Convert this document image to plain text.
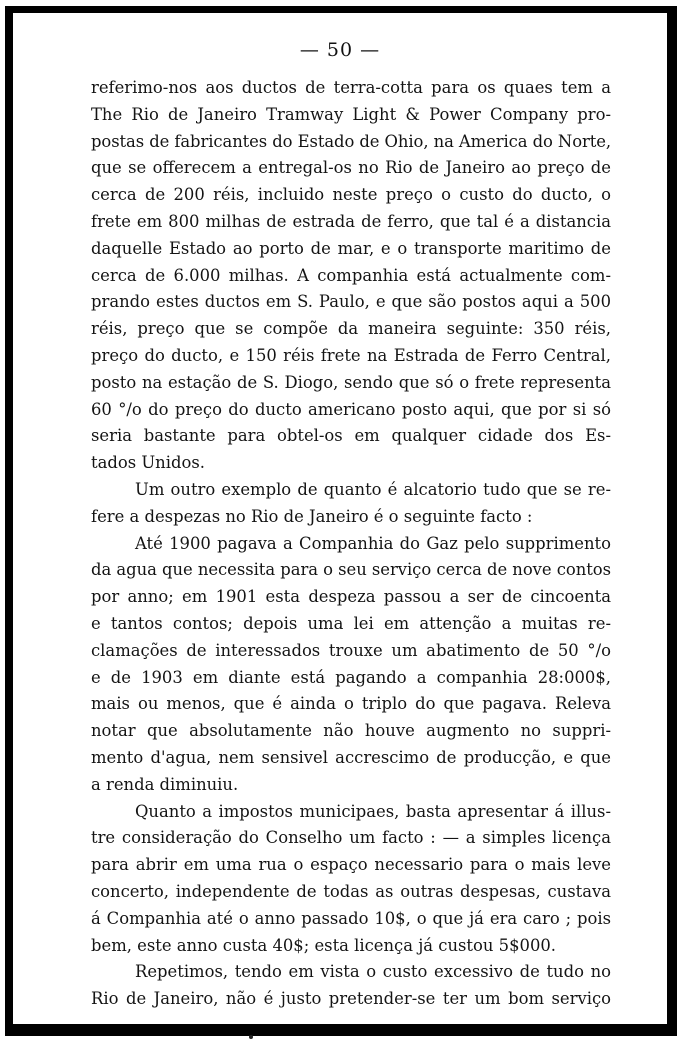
— 50 —
referimo-nos aos ductos de terra-cotta para os quaes tem a
The Rio de Janeiro Tramway Light & Power Company pro-
postas de fabricantes do Estado de Ohio, na America do Norte,
que se offerecem a entregal-os no Rio de Janeiro ao preço de
cerca de 200 réis, incluido neste preço o custo do ducto, o
frete em 800 milhas de estrada de ferro, que tal é a distancia
daquelle Estado ao porto de mar, e o transporte maritimo de
cerca de 6.000 milhas. A companhia está actualmente com-
prando estes ductos em S. Paulo, e que são postos aqui a 500
réis, preço que se compõe da maneira seguinte: 350 réis,
preço do ducto, e 150 réis frete na Estrada de Ferro Central,
posto na estação de S. Diogo, sendo que só o frete representa
60 °/o do preço do ducto americano posto aqui, que por si só
seria bastante para obtel-os em qualquer cidade dos Es-
tados Unidos.
Um outro exemplo de quanto é alcatorio tudo que se re-
fere a despezas no Rio de Janeiro é o seguinte facto :
Até 1900 pagava a Companhia do Gaz pelo supprimento
da agua que necessita para o seu serviço cerca de nove contos
por anno; em 1901 esta despeza passou a ser de cincoenta
e tantos contos; depois uma lei em attenção a muitas re-
clamações de interessados trouxe um abatimento de 50 °/o
e de 1903 em diante está pagando a companhia 28:000$,
mais ou menos, que é ainda o triplo do que pagava. Releva
notar que absolutamente não houve augmento no suppri-
mento d'agua, nem sensivel accrescimo de producção, e que
a renda diminuiu.
Quanto a impostos municipaes, basta apresentar á illus-
tre consideração do Conselho um facto : — a simples licença
para abrir em uma rua o espaço necessario para o mais leve
concerto, independente de todas as outras despesas, custava
á Companhia até o anno passado 10$, o que já era caro ; pois
bem, este anno custa 40$; esta licença já custou 5$000.
Repetimos, tendo em vista o custo excessivo de tudo no
Rio de Janeiro, não é justo pretender-se ter um bom serviço
